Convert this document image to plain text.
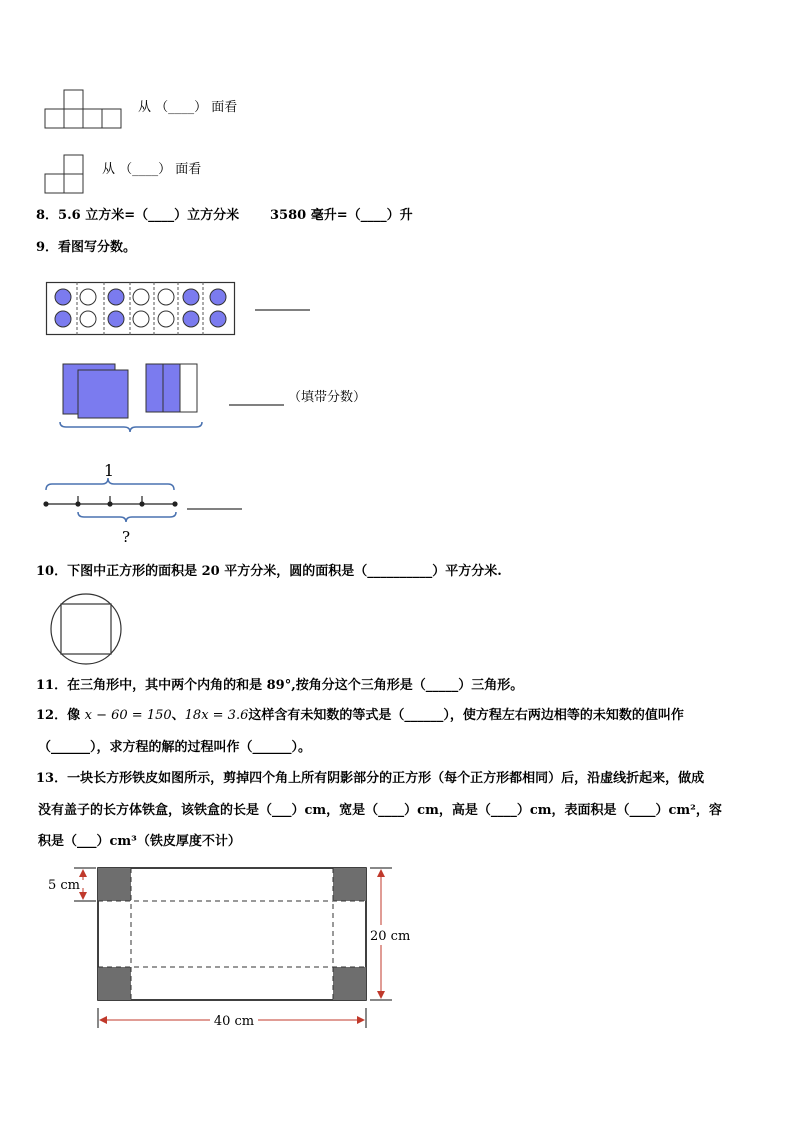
从 （____） 面看
从 （____） 面看
8．5.6 立方米=（____）立方分米 3580 毫升=（____）升
9．看图写分数。
（填带分数）
1
?
10．下图中正方形的面积是 20 平方分米，圆的面积是（__________）平方分米.
11．在三角形中，其中两个内角的和是 89°,按角分这个三角形是（_____）三角形。
12．像 x − 60 = 150、18x = 3.6这样含有未知数的等式是（______），使方程左右两边相等的未知数的值叫作
（______），求方程的解的过程叫作（______）。
13．一块长方形铁皮如图所示，剪掉四个角上所有阴影部分的正方形（每个正方形都相同）后，沿虚线折起来，做成
没有盖子的长方体铁盒，该铁盒的长是（___）cm，宽是（____）cm，高是（____）cm，表面积是（____）cm²，容
积是（___）cm³（铁皮厚度不计）
5 cm
20 cm
40 cm
